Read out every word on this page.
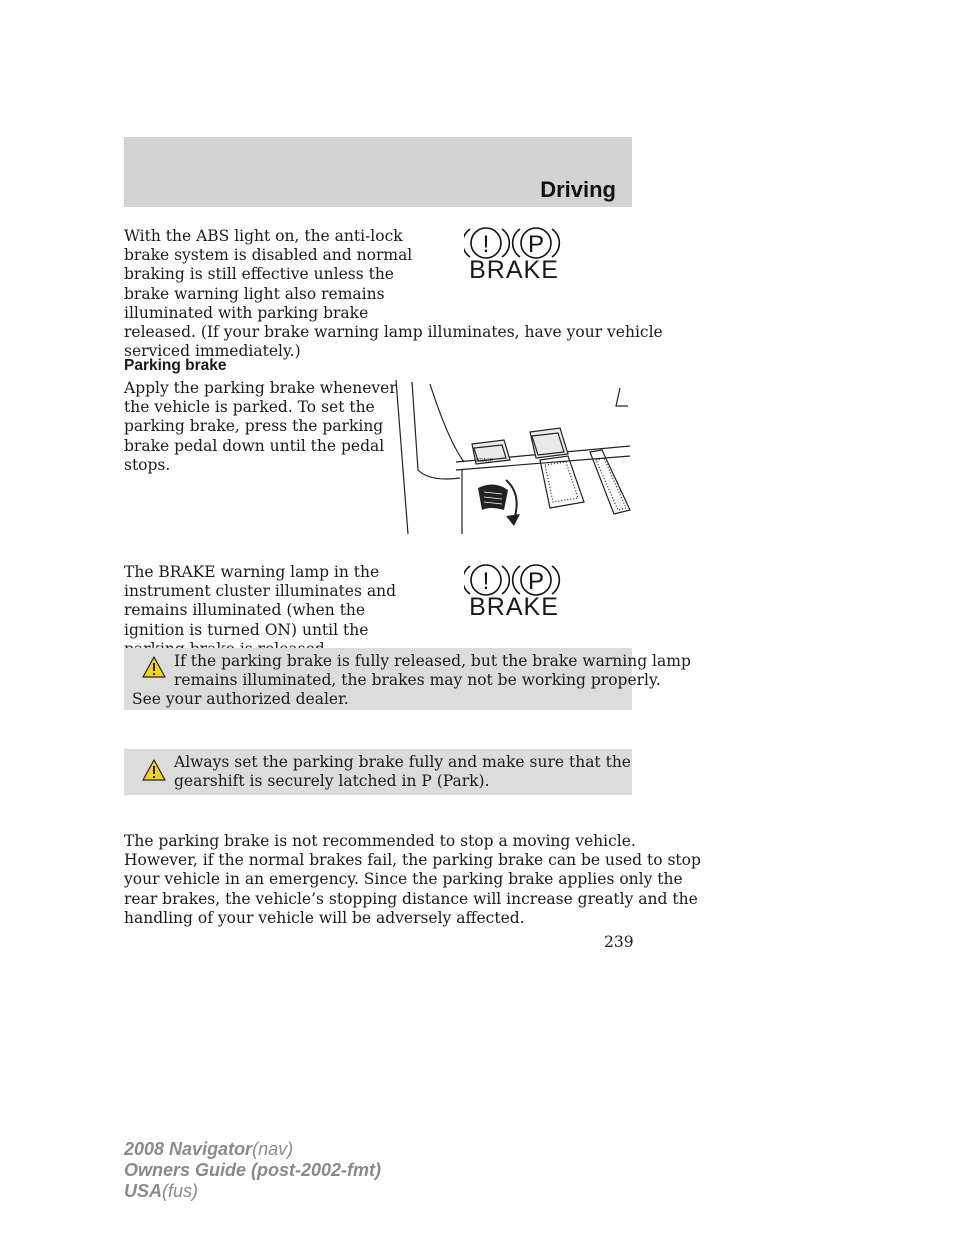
Driving

With the ABS light on, the anti-lock
brake system is disabled and normal
braking is still effective unless the
brake warning light also remains
illuminated with parking brake
released. (If your brake warning lamp illuminates, have your vehicle
serviced immediately.)

! P
BRAKE
Parking brake

Apply the parking brake whenever
the vehicle is parked. To set the
parking brake, press the parking
brake pedal down until the pedal
stops.	BRAKE

The BRAKE warning lamp in the
instrument cluster illuminates and
remains illuminated (when the
ignition is turned ON) until the

! P
BRAKE
If the parking brake is fully released, but the brake warning lamp
remains illuminated, the brakes may not be working properly.
See your authorized dealer.
Always set the parking brake fully and make sure that the
gearshift is securely latched in P (Park).

The parking brake is not recommended to stop a moving vehicle.
However, if the normal brakes fail, the parking brake can be used to stop
your vehicle in an emergency. Since the parking brake applies only the
rear brakes, the vehicle’s stopping distance will increase greatly and the
handling of your vehicle will be adversely affected.

239
2008 Navigator(nav)
Owners Guide (post-2002-fmt)
USA(fus)
